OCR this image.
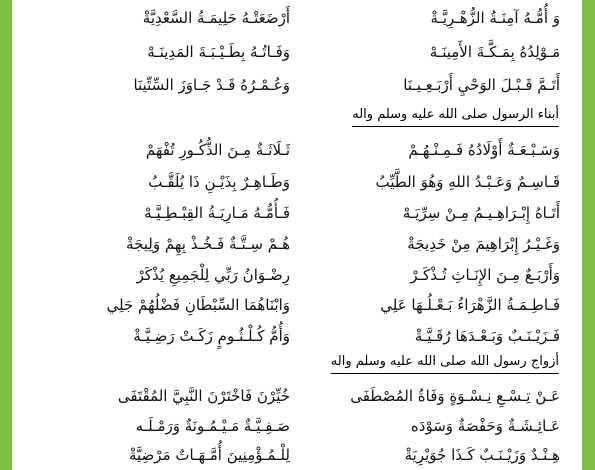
وَ أُمُّـهُ آمِنَـةُ الزُّهْـرِيَّـةْ
أَرْضَعَتْـهُ حَلِيمَـةُ السَّعْدِيَّةْ
مَـوْلِدُهُ بِمَـكَّـةَ الأَمِينَـهْ
وَفَـاتُـهُ بِطَـيْـبَـةَ المَدِينَـهْ
أَتَـمَّ قَـبْـلَ الوَحْيِ أَرْبَـعِـيـنَا
وَعُـمْـرُهُ قَـدْ جَـاوَزَ السِّتِّينَا
أبناء الرسول صلى الله عليه وسلم واله
وَسَـبْـعَـةٌ أَوْلَادُهُ فَـمِـنْـهُـمْ
ثَـلَاثَـةٌ مِـنَ الذُّكُـورِ تُفْهَمْ
قَـاسِـمٌ وَعَـبْـدُ اللهِ وَهُوَ الطَّيِّبُ
وَطَـاهِـرٌ بِذَيْـنِ ذَا يُلَقَّـبُ
أَتَـاهُ إِبْـرَاهِـيـمُ مِـنْ سِرِّيَـهْ
فَـأُمُّـهُ مَـارِيَـةُ القِبْـطِـيَّـهْ
وَغَـيْـرُ إِبْرَاهِيمَ مِنْ خَدِيجَةْ
هُـمْ سِـتَّـةٌ فَـخُـذْ بِهِمْ وَلِيجَةْ
وَأَرْبَـعٌ مِـنَ الإِنَـاثِ تُـذْكَـرْ
رِضْـوَانُ رَبِّي لِلْجَمِيعِ يُذْكَرْ
فَـاطِـمَـةُ الزَّهْرَاءُ بَـعْـلُـهَا عَلِي
وَابْنَاهُمَا السِّبْطَانِ فَضْلُهُمْ جَلِي
فَـزَيْـنَـبٌ وَبَـعْـدَهَا رُقَـيَّـةْ
وَأُمُّ كُـلْـثُـومٍ زَكَـتْ رَضِـيَّـةْ
أزواج رسول الله صلى الله عليه وسلم واله
عَـنْ تِـسْـعِ نِـسْـوَةٍ وَفَاةُ المُصْطَفَى
خُيِّرْنَ فَاخْتَرْنَ النَّبِيَّ المُقْتَفَى
عَـائِـشَـةٌ وَحَفْصَةٌ وَسَوْدَه
صَـفِـيَّـةٌ مَـيْـمُـونَةٌ وَرَمْـلَـه
هِـنْـدٌ وَزَيْـنَـبٌ كَـذَا جُوَيْرِيَةْ
لِلْـمُـؤْمِنِينَ أُمَّـهَـاتٌ مَرْضِيَّةْ
